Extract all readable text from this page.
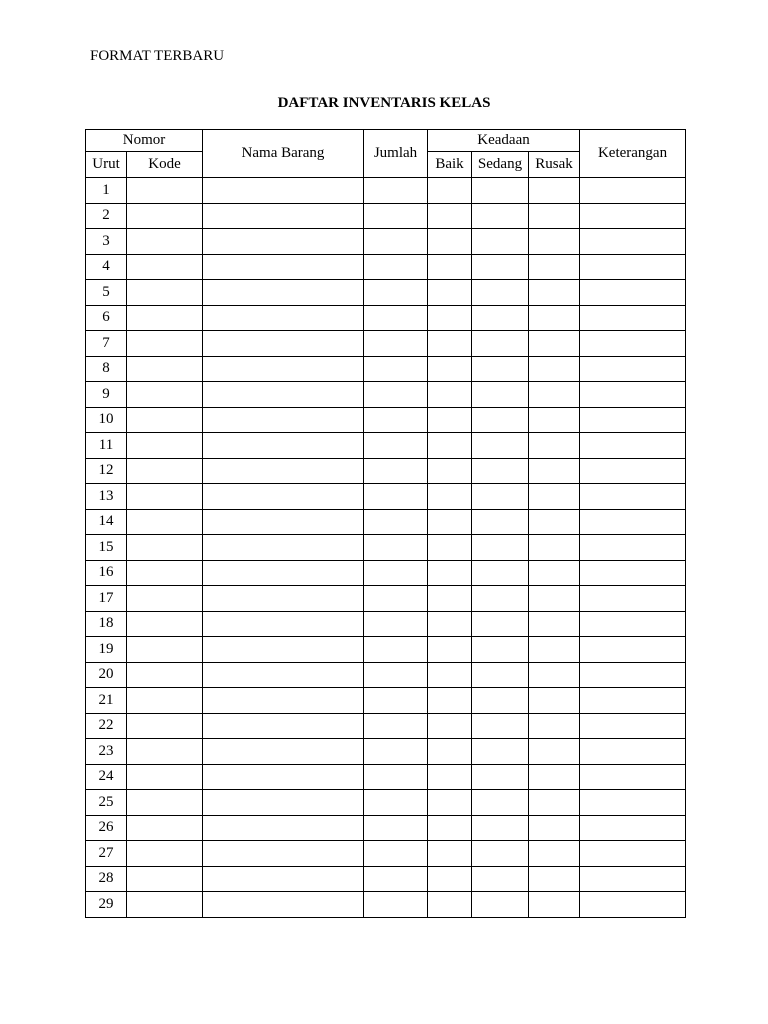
FORMAT TERBARU
DAFTAR INVENTARIS KELAS
Nomor		Nama Barang	Jumlah	Keadaan			Keterangan
Urut	Kode			Baik	Sedang	Rusak	
1							
2							
3							
4							
5							
6							
7							
8							
9							
10							
11							
12							
13							
14							
15							
16							
17							
18							
19							
20							
21							
22							
23							
24							
25							
26							
27							
28							
29							
